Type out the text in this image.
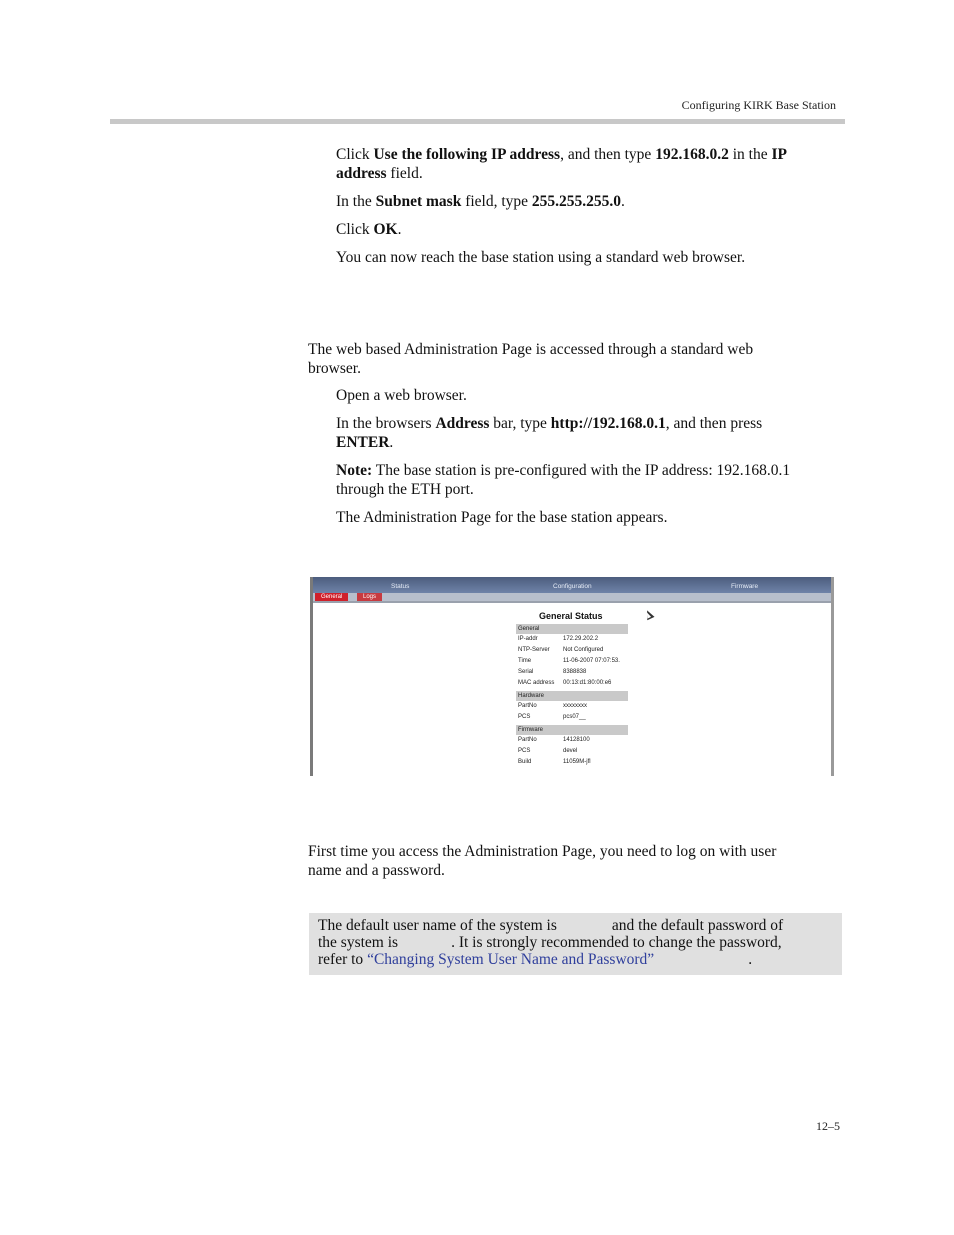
Configuring KIRK Base Station

Click Use the following IP address, and then type 192.168.0.2 in the IP
address field.

In the Subnet mask field, type 255.255.255.0.

Click OK.

You can now reach the base station using a standard web browser.

The web based Administration Page is accessed through a standard web
browser.

Open a web browser.

In the browsers Address bar, type http://192.168.0.1, and then press
ENTER.

Note: The base station is pre-configured with the IP address: 192.168.0.1
through the ETH port.

The Administration Page for the base station appears.

Status	Configuration	Firmware
General	Logs
General Status
General
IP-addr	172.29.202.2
NTP-Server Not Configured
Time	11-06-2007 07:07:53.
Serial	8388838
MAC address 00:13:d1:80:00:e6
Hardware
PartNo	xxxxxxxx
PCS	pcs07__
Firmware
PartNo	14128100
PCS	devel
Build	11059M-jfl

First time you access the Administration Page, you need to log on with user
name and a password.

The default user name of the system is	and the default password of
the system is	. It is strongly recommended to change the password,
refer to “Changing System User Name and Password”	.
12–5
